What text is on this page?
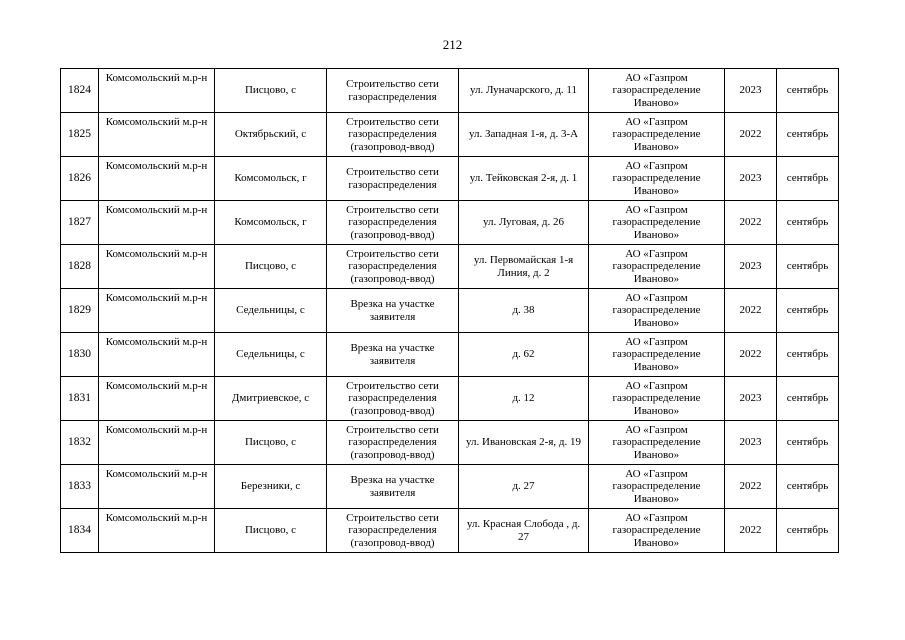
212
1824	Комсомольский м.р-н	Писцово, с	Строительство сети газораспределения	ул. Луначарского, д. 11	АО «Газпром газораспределение Иваново»	2023	сентябрь
1825	Комсомольский м.р-н	Октябрьский, с	Строительство сети газораспределения (газопровод-ввод)	ул. Западная 1-я, д. 3-А	АО «Газпром газораспределение Иваново»	2022	сентябрь
1826	Комсомольский м.р-н	Комсомольск, г	Строительство сети газораспределения	ул. Тейковская 2-я, д. 1	АО «Газпром газораспределение Иваново»	2023	сентябрь
1827	Комсомольский м.р-н	Комсомольск, г	Строительство сети газораспределения (газопровод-ввод)	ул. Луговая, д. 26	АО «Газпром газораспределение Иваново»	2022	сентябрь
1828	Комсомольский м.р-н	Писцово, с	Строительство сети газораспределения (газопровод-ввод)	ул. Первомайская 1-я Линия, д. 2	АО «Газпром газораспределение Иваново»	2023	сентябрь
1829	Комсомольский м.р-н	Седельницы, с	Врезка на участке заявителя	д. 38	АО «Газпром газораспределение Иваново»	2022	сентябрь
1830	Комсомольский м.р-н	Седельницы, с	Врезка на участке заявителя	д. 62	АО «Газпром газораспределение Иваново»	2022	сентябрь
1831	Комсомольский м.р-н	Дмитриевское, с	Строительство сети газораспределения (газопровод-ввод)	д. 12	АО «Газпром газораспределение Иваново»	2023	сентябрь
1832	Комсомольский м.р-н	Писцово, с	Строительство сети газораспределения (газопровод-ввод)	ул. Ивановская 2-я, д. 19	АО «Газпром газораспределение Иваново»	2023	сентябрь
1833	Комсомольский м.р-н	Березники, с	Врезка на участке заявителя	д. 27	АО «Газпром газораспределение Иваново»	2022	сентябрь
1834	Комсомольский м.р-н	Писцово, с	Строительство сети газораспределения (газопровод-ввод)	ул. Красная Слобода , д. 27	АО «Газпром газораспределение Иваново»	2022	сентябрь
